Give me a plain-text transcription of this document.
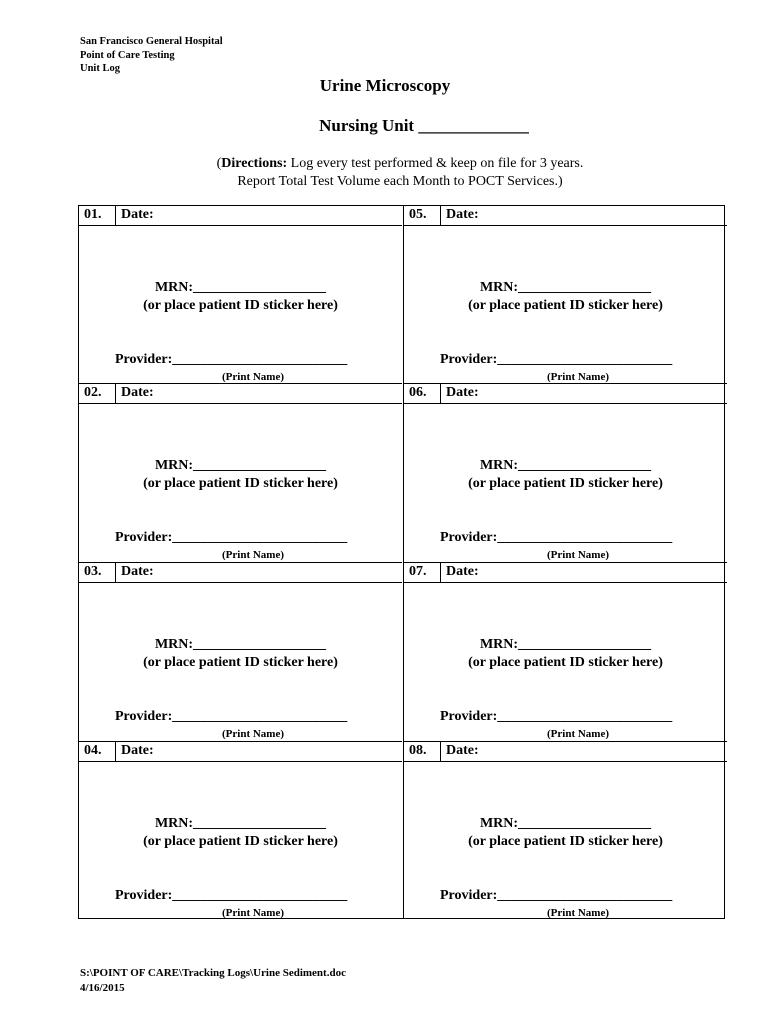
San Francisco General Hospital
Point of Care Testing
Unit Log
Urine Microscopy
Nursing Unit _____________
(Directions: Log every test performed & keep on file for 3 years.
Report Total Test Volume each Month to POCT Services.)
01. Date:
MRN:___________________
(or place patient ID sticker here)
Provider:_________________________
(Print Name)
02. Date:
MRN:___________________
(or place patient ID sticker here)
Provider:_________________________
(Print Name)
03. Date:
MRN:___________________
(or place patient ID sticker here)
Provider:_________________________
(Print Name)
04. Date:
MRN:___________________
(or place patient ID sticker here)
Provider:_________________________
(Print Name)
05. Date:
MRN:___________________
(or place patient ID sticker here)
Provider:_________________________
(Print Name)
06. Date:
MRN:___________________
(or place patient ID sticker here)
Provider:_________________________
(Print Name)
07. Date:
MRN:___________________
(or place patient ID sticker here)
Provider:_________________________
(Print Name)
08. Date:
MRN:___________________
(or place patient ID sticker here)
Provider:_________________________
(Print Name)
S:\POINT OF CARE\Tracking Logs\Urine Sediment.doc
4/16/2015
